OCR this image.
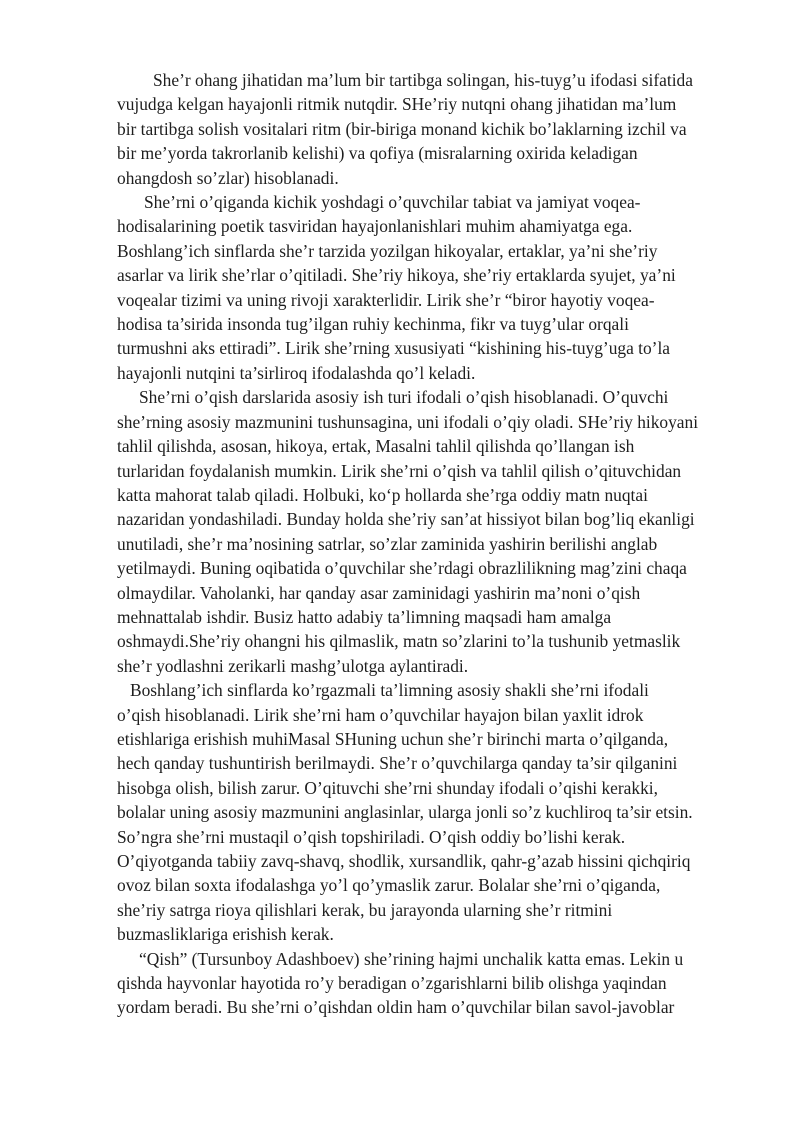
She’r ohang jihatidan ma’lum bir tartibga solingan, his-tuyg’u ifodasi sifatida
vujudga kelgan hayajonli ritmik nutqdir. SHe’riy nutqni ohang jihatidan ma’lum
bir tartibga solish vositalari ritm (bir-biriga monand kichik bo’laklarning izchil va
bir me’yorda takrorlanib kelishi) va qofiya (misralarning oxirida keladigan
ohangdosh so’zlar) hisoblanadi.
She’rni o’qiganda kichik yoshdagi o’quvchilar tabiat va jamiyat voqea-
hodisalarining poetik tasviridan hayajonlanishlari muhim ahamiyatga ega.
Boshlang’ich sinflarda she’r tarzida yozilgan hikoyalar, ertaklar, ya’ni she’riy
asarlar va lirik she’rlar o’qitiladi. She’riy hikoya, she’riy ertaklarda syujet, ya’ni
voqealar tizimi va uning rivoji xarakterlidir. Lirik she’r “biror hayotiy voqea-
hodisa ta’sirida insonda tug’ilgan ruhiy kechinma, fikr va tuyg’ular orqali
turmushni aks ettiradi”. Lirik she’rning xususiyati “kishining his-tuyg’uga to’la
hayajonli nutqini ta’sirliroq ifodalashda qo’l keladi.
She’rni o’qish darslarida asosiy ish turi ifodali o’qish hisoblanadi. O’quvchi
she’rning asosiy mazmunini tushunsagina, uni ifodali o’qiy oladi. SHe’riy hikoyani
tahlil qilishda, asosan, hikoya, ertak, Masalni tahlil qilishda qo’llangan ish
turlaridan foydalanish mumkin. Lirik she’rni o’qish va tahlil qilish o’qituvchidan
katta mahorat talab qiladi. Holbuki, ko‘p hollarda she’rga oddiy matn nuqtai
nazaridan yondashiladi. Bunday holda she’riy san’at hissiyot bilan bog’liq ekanligi
unutiladi, she’r ma’nosining satrlar, so’zlar zaminida yashirin berilishi anglab
yetilmaydi. Buning oqibatida o’quvchilar she’rdagi obrazlilikning mag’zini chaqa
olmaydilar. Vaholanki, har qanday asar zaminidagi yashirin ma’noni o’qish
mehnattalab ishdir. Busiz hatto adabiy ta’limning maqsadi ham amalga
oshmaydi.She’riy ohangni his qilmaslik, matn so’zlarini to’la tushunib yetmaslik
she’r yodlashni zerikarli mashg’ulotga aylantiradi.
Boshlang’ich sinflarda ko’rgazmali ta’limning asosiy shakli she’rni ifodali
o’qish hisoblanadi. Lirik she’rni ham o’quvchilar hayajon bilan yaxlit idrok
etishlariga erishish muhiMasal SHuning uchun she’r birinchi marta o’qilganda,
hech qanday tushuntirish berilmaydi. She’r o’quvchilarga qanday ta’sir qilganini
hisobga olish, bilish zarur. O’qituvchi she’rni shunday ifodali o’qishi kerakki,
bolalar uning asosiy mazmunini anglasinlar, ularga jonli so’z kuchliroq ta’sir etsin.
So’ngra she’rni mustaqil o’qish topshiriladi. O’qish oddiy bo’lishi kerak.
O’qiyotganda tabiiy zavq-shavq, shodlik, xursandlik, qahr-g’azab hissini qichqiriq
ovoz bilan soxta ifodalashga yo’l qo’ymaslik zarur. Bolalar she’rni o’qiganda,
she’riy satrga rioya qilishlari kerak, bu jarayonda ularning she’r ritmini
buzmasliklariga erishish kerak.
“Qish” (Tursunboy Adashboev) she’rining hajmi unchalik katta emas. Lekin u
qishda hayvonlar hayotida ro’y beradigan o’zgarishlarni bilib olishga yaqindan
yordam beradi. Bu she’rni o’qishdan oldin ham o’quvchilar bilan savol-javoblar
